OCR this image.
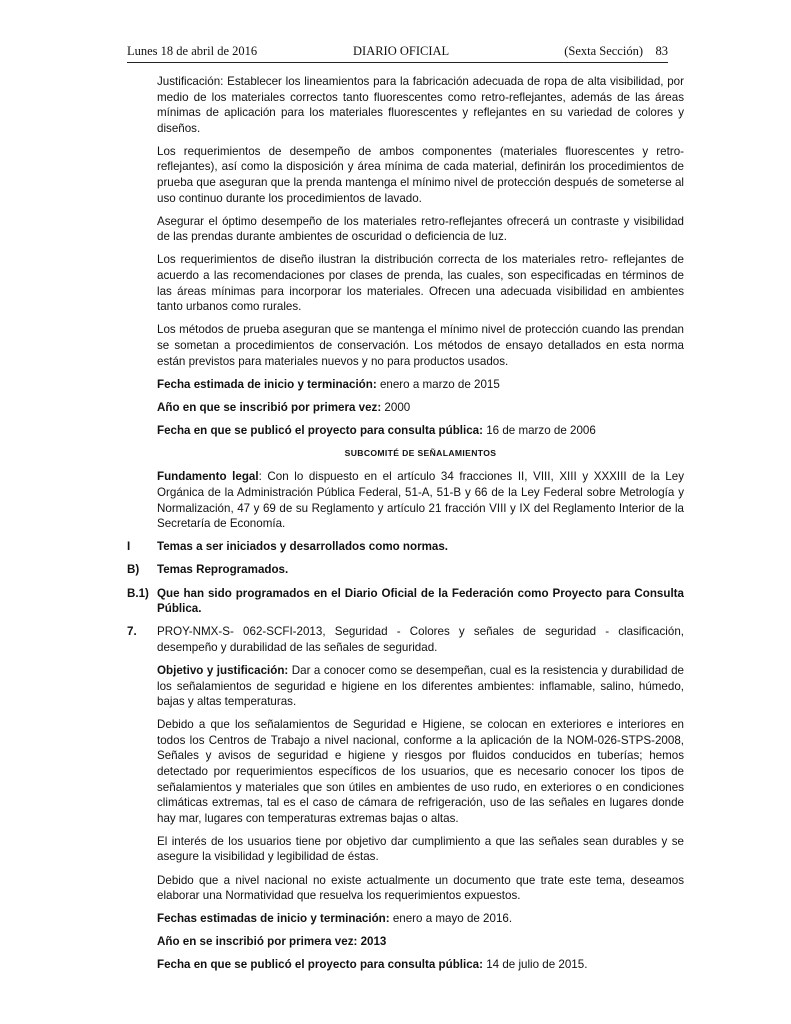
Lunes 18 de abril de 2016	DIARIO OFICIAL	(Sexta Sección) 83

Justificación: Establecer los lineamientos para la fabricación adecuada de ropa de alta visibilidad, por medio de los materiales correctos tanto fluorescentes como retro-reflejantes, además de las áreas mínimas de aplicación para los materiales fluorescentes y reflejantes en su variedad de colores y diseños.

Los requerimientos de desempeño de ambos componentes (materiales fluorescentes y retro-reflejantes), así como la disposición y área mínima de cada material, definirán los procedimientos de prueba que aseguran que la prenda mantenga el mínimo nivel de protección después de someterse al uso continuo durante los procedimientos de lavado.

Asegurar el óptimo desempeño de los materiales retro-reflejantes ofrecerá un contraste y visibilidad de las prendas durante ambientes de oscuridad o deficiencia de luz.

Los requerimientos de diseño ilustran la distribución correcta de los materiales retro- reflejantes de acuerdo a las recomendaciones por clases de prenda, las cuales, son especificadas en términos de las áreas mínimas para incorporar los materiales. Ofrecen una adecuada visibilidad en ambientes tanto urbanos como rurales.

Los métodos de prueba aseguran que se mantenga el mínimo nivel de protección cuando las prendan se sometan a procedimientos de conservación. Los métodos de ensayo detallados en esta norma están previstos para materiales nuevos y no para productos usados.

Fecha estimada de inicio y terminación: enero a marzo de 2015

Año en que se inscribió por primera vez: 2000

Fecha en que se publicó el proyecto para consulta pública: 16 de marzo de 2006

SUBCOMITÉ DE SEÑALAMIENTOS

Fundamento legal: Con lo dispuesto en el artículo 34 fracciones II, VIII, XIII y XXXIII de la Ley Orgánica de la Administración Pública Federal, 51-A, 51-B y 66 de la Ley Federal sobre Metrología y Normalización, 47 y 69 de su Reglamento y artículo 21 fracción VIII y IX del Reglamento Interior de la Secretaría de Economía.

I	Temas a ser iniciados y desarrollados como normas.
B)	Temas Reprogramados.
B.1) Que han sido programados en el Diario Oficial de la Federación como Proyecto para Consulta Pública.
7.	PROY-NMX-S- 062-SCFI-2013, Seguridad - Colores y señales de seguridad - clasificación, desempeño y durabilidad de las señales de seguridad.

Objetivo y justificación: Dar a conocer como se desempeñan, cual es la resistencia y durabilidad de los señalamientos de seguridad e higiene en los diferentes ambientes: inflamable, salino, húmedo, bajas y altas temperaturas.

Debido a que los señalamientos de Seguridad e Higiene, se colocan en exteriores e interiores en todos los Centros de Trabajo a nivel nacional, conforme a la aplicación de la NOM-026-STPS-2008, Señales y avisos de seguridad e higiene y riesgos por fluidos conducidos en tuberías; hemos detectado por requerimientos específicos de los usuarios, que es necesario conocer los tipos de señalamientos y materiales que son útiles en ambientes de uso rudo, en exteriores o en condiciones climáticas extremas, tal es el caso de cámara de refrigeración, uso de las señales en lugares donde hay mar, lugares con temperaturas extremas bajas o altas.

El interés de los usuarios tiene por objetivo dar cumplimiento a que las señales sean durables y se asegure la visibilidad y legibilidad de éstas.

Debido que a nivel nacional no existe actualmente un documento que trate este tema, deseamos elaborar una Normatividad que resuelva los requerimientos expuestos.

Fechas estimadas de inicio y terminación: enero a mayo de 2016.

Año en se inscribió por primera vez: 2013

Fecha en que se publicó el proyecto para consulta pública: 14 de julio de 2015.
